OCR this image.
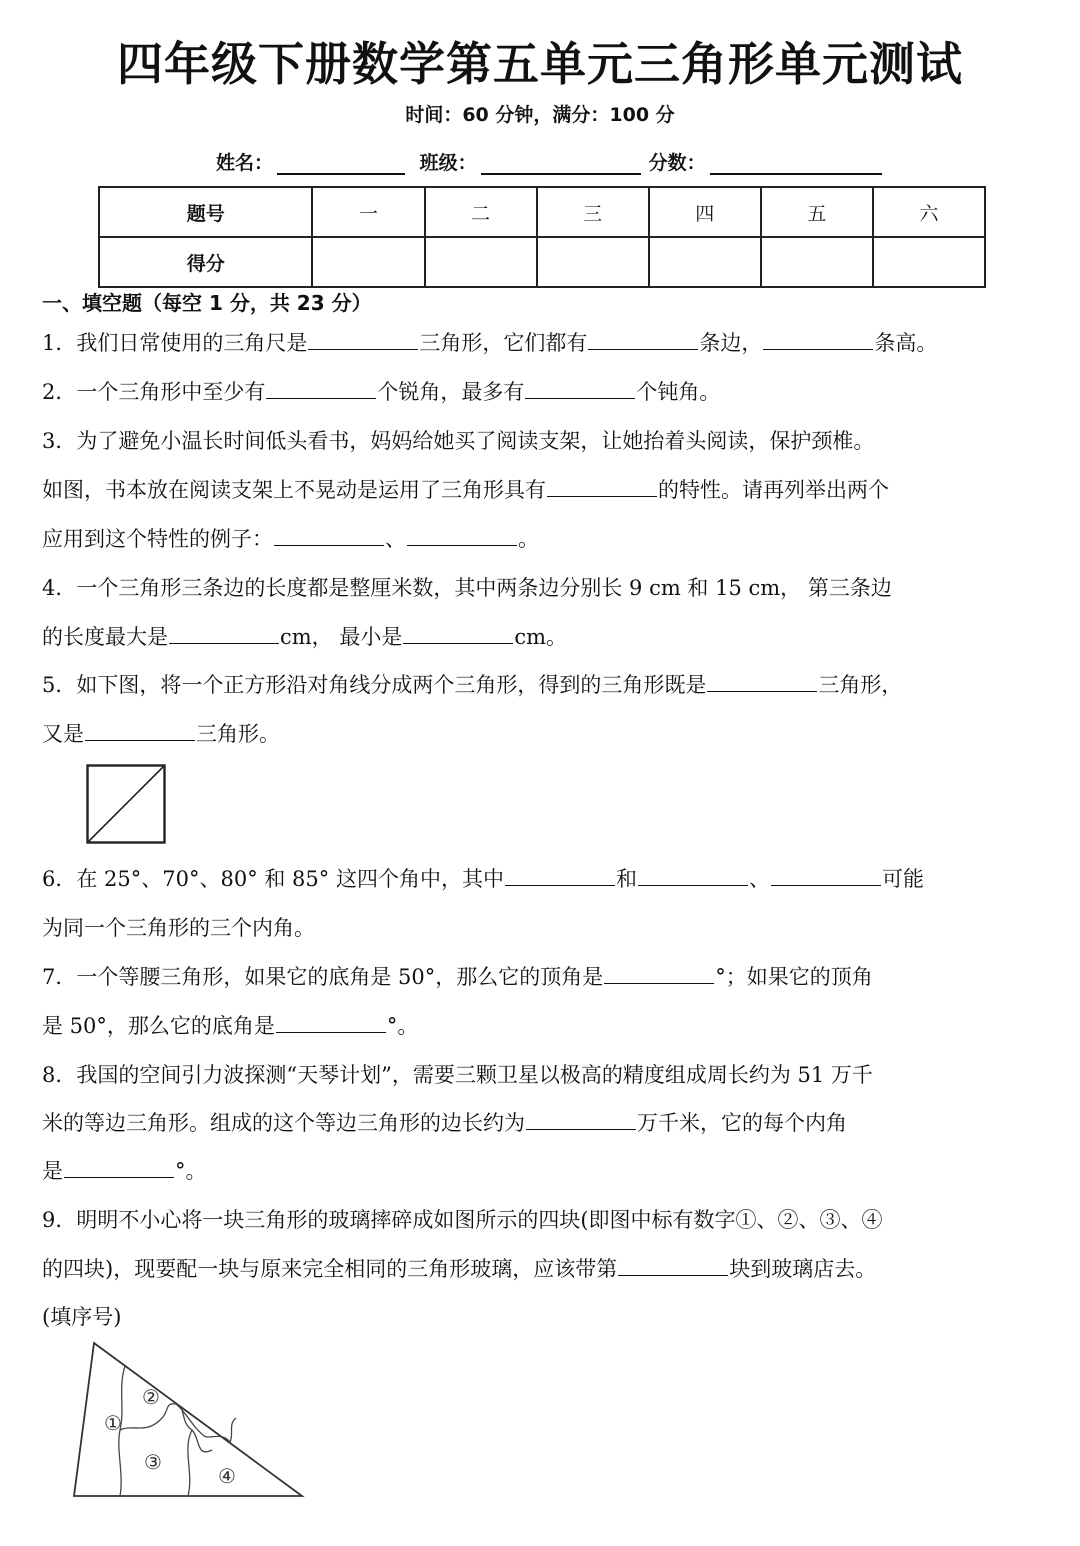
四年级下册数学第五单元三角形单元测试
时间：60 分钟，满分：100 分
姓名：	班级：	分数：
题号	一	二	三	四	五	六
得分						
一、填空题（每空 1 分，共 23 分）
1．我们日常使用的三角尺是	三角形，它们都有	条边，	条高。
2．一个三角形中至少有	个锐角，最多有	个钝角。
3．为了避免小温长时间低头看书，妈妈给她买了阅读支架，让她抬着头阅读，保护颈椎。
如图，书本放在阅读支架上不晃动是运用了三角形具有	的特性。请再列举出两个
应用到这个特性的例子：	、	。
4．一个三角形三条边的长度都是整厘米数，其中两条边分别长 9 cm 和 15 cm， 第三条边
的长度最大是	cm， 最小是	cm。
5．如下图，将一个正方形沿对角线分成两个三角形，得到的三角形既是	三角形，
又是	三角形。
6．在 25°、70°、80° 和 85° 这四个角中，其中	和	、	可能
为同一个三角形的三个内角。
7．一个等腰三角形，如果它的底角是 50°，那么它的顶角是	°；如果它的顶角
是 50°，那么它的底角是	°。
8．我国的空间引力波探测“天琴计划”，需要三颗卫星以极高的精度组成周长约为 51 万千
米的等边三角形。组成的这个等边三角形的边长约为	万千米，它的每个内角
是	°。
9．明明不小心将一块三角形的玻璃摔碎成如图所示的四块(即图中标有数字①、②、③、④
的四块)，现要配一块与原来完全相同的三角形玻璃，应该带第	块到玻璃店去。
(填序号)
①
②
③
④
